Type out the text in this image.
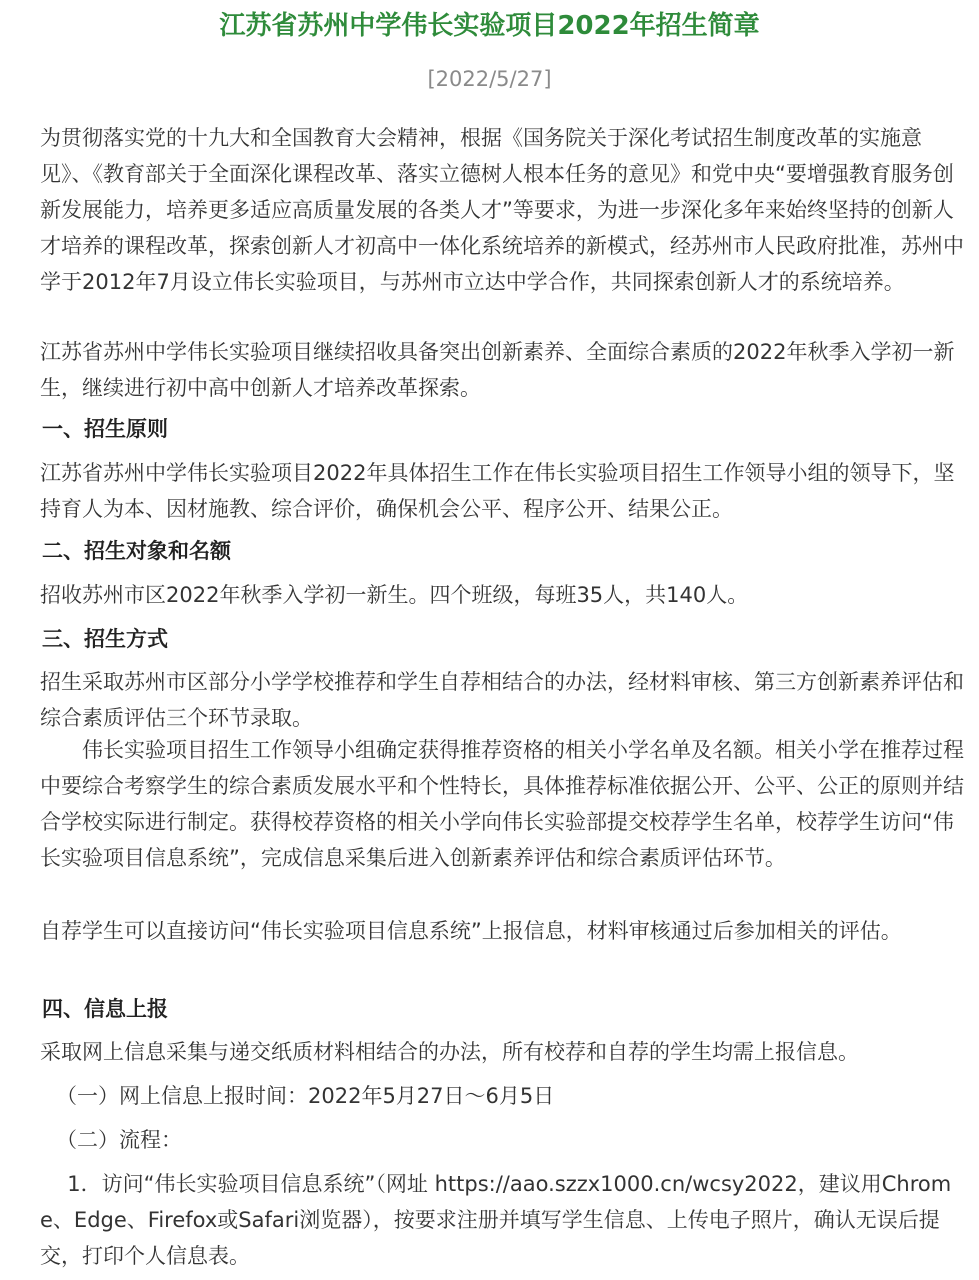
江苏省苏州中学伟长实验项目2022年招生简章
[2022/5/27]

为贯彻落实党的十九大和全国教育大会精神，根据《国务院关于深化考试招生制度改革的实施意见》、《教育部关于全面深化课程改革、落实立德树人根本任务的意见》和党中央“要增强教育服务创新发展能力，培养更多适应高质量发展的各类人才”等要求，为进一步深化多年来始终坚持的创新人才培养的课程改革，探索创新人才初高中一体化系统培养的新模式，经苏州市人民政府批准，苏州中学于2012年7月设立伟长实验项目，与苏州市立达中学合作，共同探索创新人才的系统培养。

江苏省苏州中学伟长实验项目继续招收具备突出创新素养、全面综合素质的2022年秋季入学初一新生，继续进行初中高中创新人才培养改革探索。

一、招生原则

江苏省苏州中学伟长实验项目2022年具体招生工作在伟长实验项目招生工作领导小组的领导下，坚持育人为本、因材施教、综合评价，确保机会公平、程序公开、结果公正。

二、招生对象和名额

招收苏州市区2022年秋季入学初一新生。四个班级，每班35人，共140人。

三、招生方式

招生采取苏州市区部分小学学校推荐和学生自荐相结合的办法，经材料审核、第三方创新素养评估和综合素质评估三个环节录取。

伟长实验项目招生工作领导小组确定获得推荐资格的相关小学名单及名额。相关小学在推荐过程中要综合考察学生的综合素质发展水平和个性特长，具体推荐标准依据公开、公平、公正的原则并结合学校实际进行制定。获得校荐资格的相关小学向伟长实验部提交校荐学生名单，校荐学生访问“伟长实验项目信息系统”，完成信息采集后进入创新素养评估和综合素质评估环节。

自荐学生可以直接访问“伟长实验项目信息系统”上报信息，材料审核通过后参加相关的评估。

四、信息上报

采取网上信息采集与递交纸质材料相结合的办法，所有校荐和自荐的学生均需上报信息。

（一）网上信息上报时间：2022年5月27日～6月5日

（二）流程：

1．访问“伟长实验项目信息系统”（网址 https://aao.szzx1000.cn/wcsy2022，建议用Chrome、Edge、Firefox或Safari浏览器），按要求注册并填写学生信息、上传电子照片，确认无误后提交，打印个人信息表。
